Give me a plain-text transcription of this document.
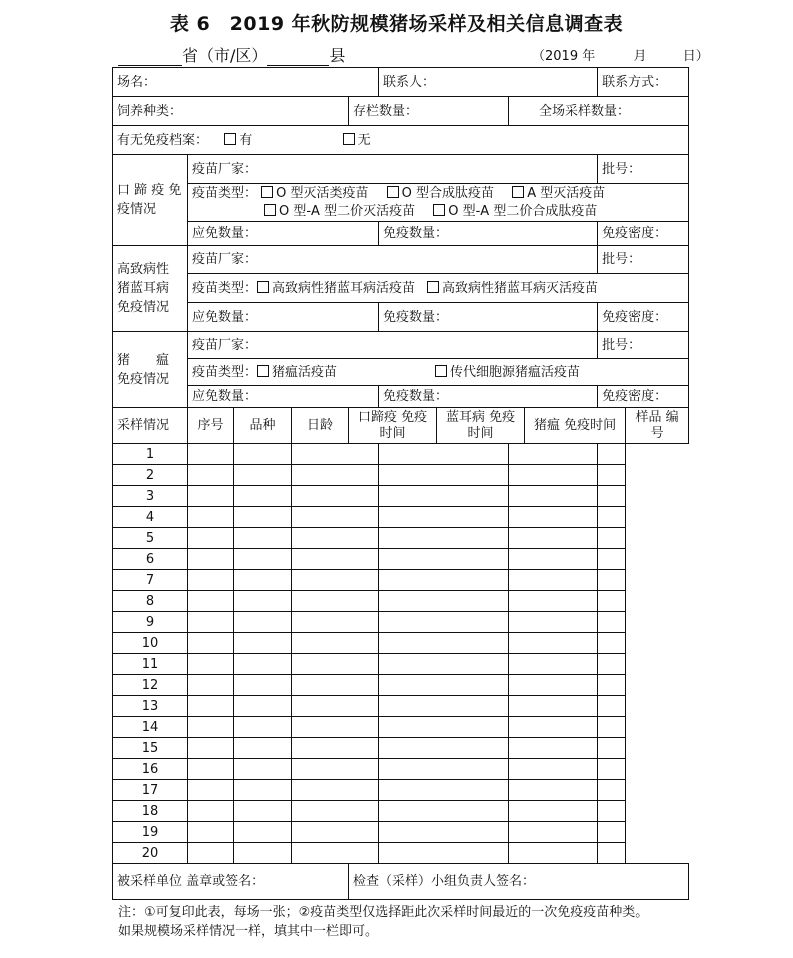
表 6　2019 年秋防规模猪场采样及相关信息调查表
省（市/区）	县	（2019 年	月	日）
场名：					联系人：				联系方式：	
饲养种类：				存栏数量：			全场采样数量：			
有无免疫档案： 有 无										
口 蹄 疫 免疫情况	疫苗厂家：								批号：	

	疫苗类型： O 型灭活类疫苗 O 型合成肽疫苗 A 型灭活疫苗
O 型-A 型二价灭活疫苗 O 型-A 型二价合成肽疫苗									

	应免数量：				免疫数量：				免疫密度：	
高致病性 猪蓝耳病 免疫情况	疫苗厂家：								批号：	
	疫苗类型： 高致病性猪蓝耳病活疫苗 高致病性猪蓝耳病灭活疫苗									
	应免数量：				免疫数量：				免疫密度：	
猪　　瘟 免疫情况	疫苗厂家：								批号：	
	疫苗类型： 猪瘟活疫苗 传代细胞源猪瘟活疫苗									
	应免数量：				免疫数量：				免疫密度：	
采样情况	序号	品种	日龄	口蹄疫 免疫时间		蓝耳病 免疫时间		猪瘟 免疫时间		样品 编号
1										
2										
3										
4										
5										
6										
7										
8										
9										
10										
11										
12										
13										
14										
15										
16										
17										
18										
19										
20										
被采样单位 盖章或签名：				检查（采样）小组负责人签名：						
注：①可复印此表，每场一张；②疫苗类型仅选择距此次采样时间最近的一次免疫疫苗种类。
如果规模场采样情况一样，填其中一栏即可。
